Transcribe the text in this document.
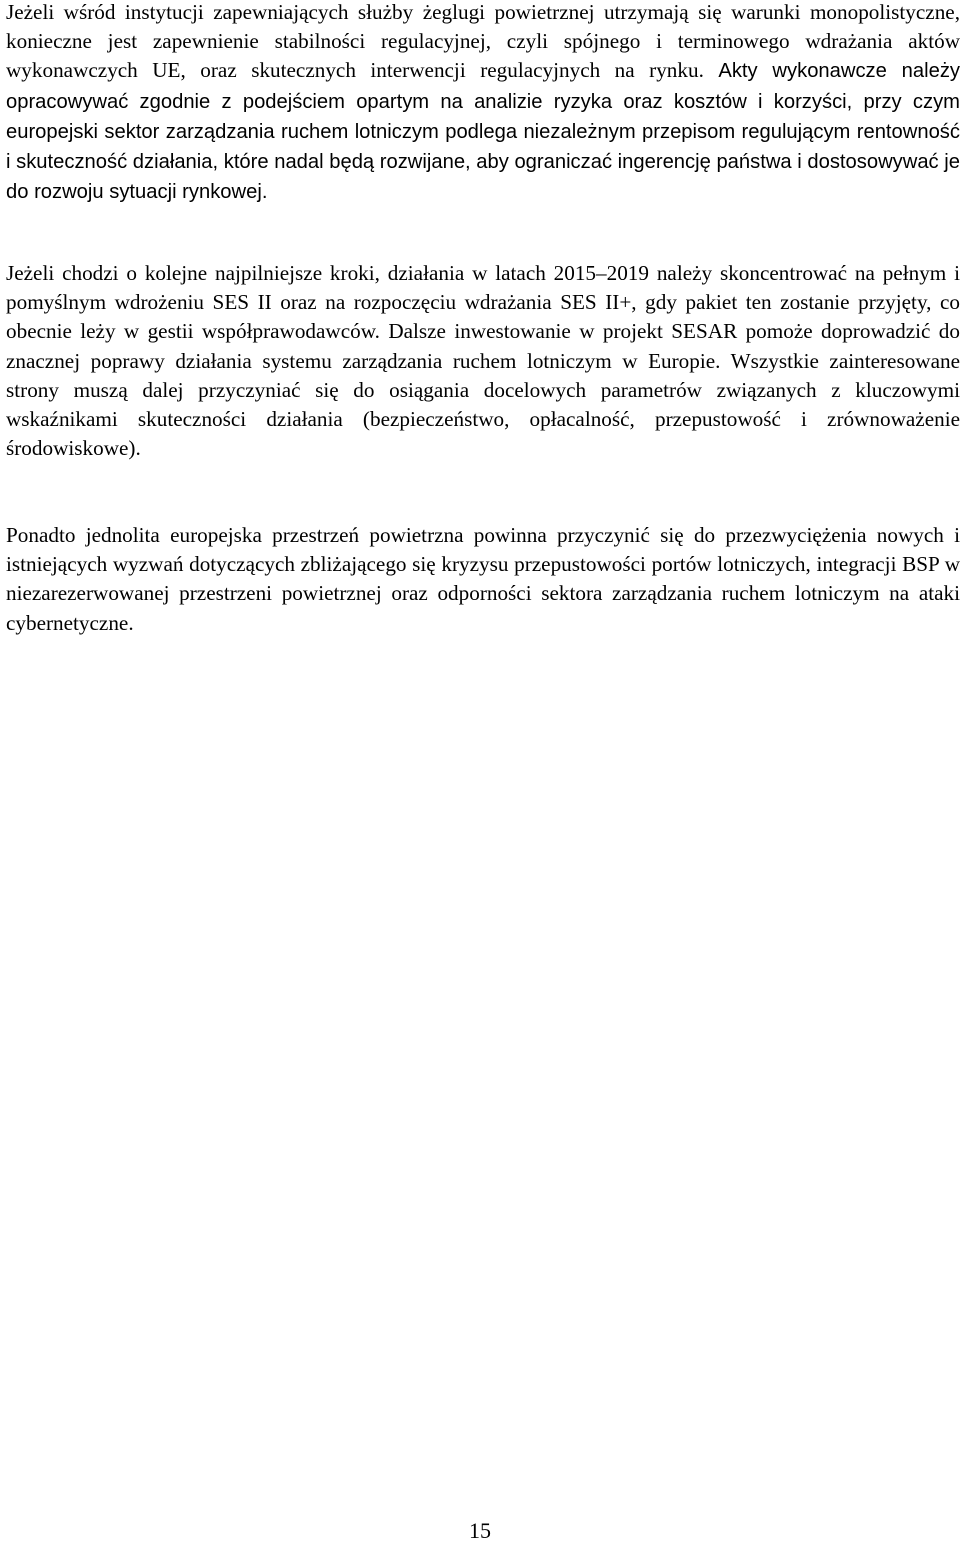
Jeżeli wśród instytucji zapewniających służby żeglugi powietrznej utrzymają się warunki monopolistyczne, konieczne jest zapewnienie stabilności regulacyjnej, czyli spójnego i terminowego wdrażania aktów wykonawczych UE, oraz skutecznych interwencji regulacyjnych na rynku. Akty wykonawcze należy opracowywać zgodnie z podejściem opartym na analizie ryzyka oraz kosztów i korzyści, przy czym europejski sektor zarządzania ruchem lotniczym podlega niezależnym przepisom regulującym rentowność i skuteczność działania, które nadal będą rozwijane, aby ograniczać ingerencję państwa i dostosowywać je do rozwoju sytuacji rynkowej.

Jeżeli chodzi o kolejne najpilniejsze kroki, działania w latach 2015–2019 należy skoncentrować na pełnym i pomyślnym wdrożeniu SES II oraz na rozpoczęciu wdrażania SES II+, gdy pakiet ten zostanie przyjęty, co obecnie leży w gestii współprawodawców. Dalsze inwestowanie w projekt SESAR pomoże doprowadzić do znacznej poprawy działania systemu zarządzania ruchem lotniczym w Europie. Wszystkie zainteresowane strony muszą dalej przyczyniać się do osiągania docelowych parametrów związanych z kluczowymi wskaźnikami skuteczności działania (bezpieczeństwo, opłacalność, przepustowość i zrównoważenie środowiskowe).

Ponadto jednolita europejska przestrzeń powietrzna powinna przyczynić się do przezwyciężenia nowych i istniejących wyzwań dotyczących zbliżającego się kryzysu przepustowości portów lotniczych, integracji BSP w niezarezerwowanej przestrzeni powietrznej oraz odporności sektora zarządzania ruchem lotniczym na ataki cybernetyczne.

15
